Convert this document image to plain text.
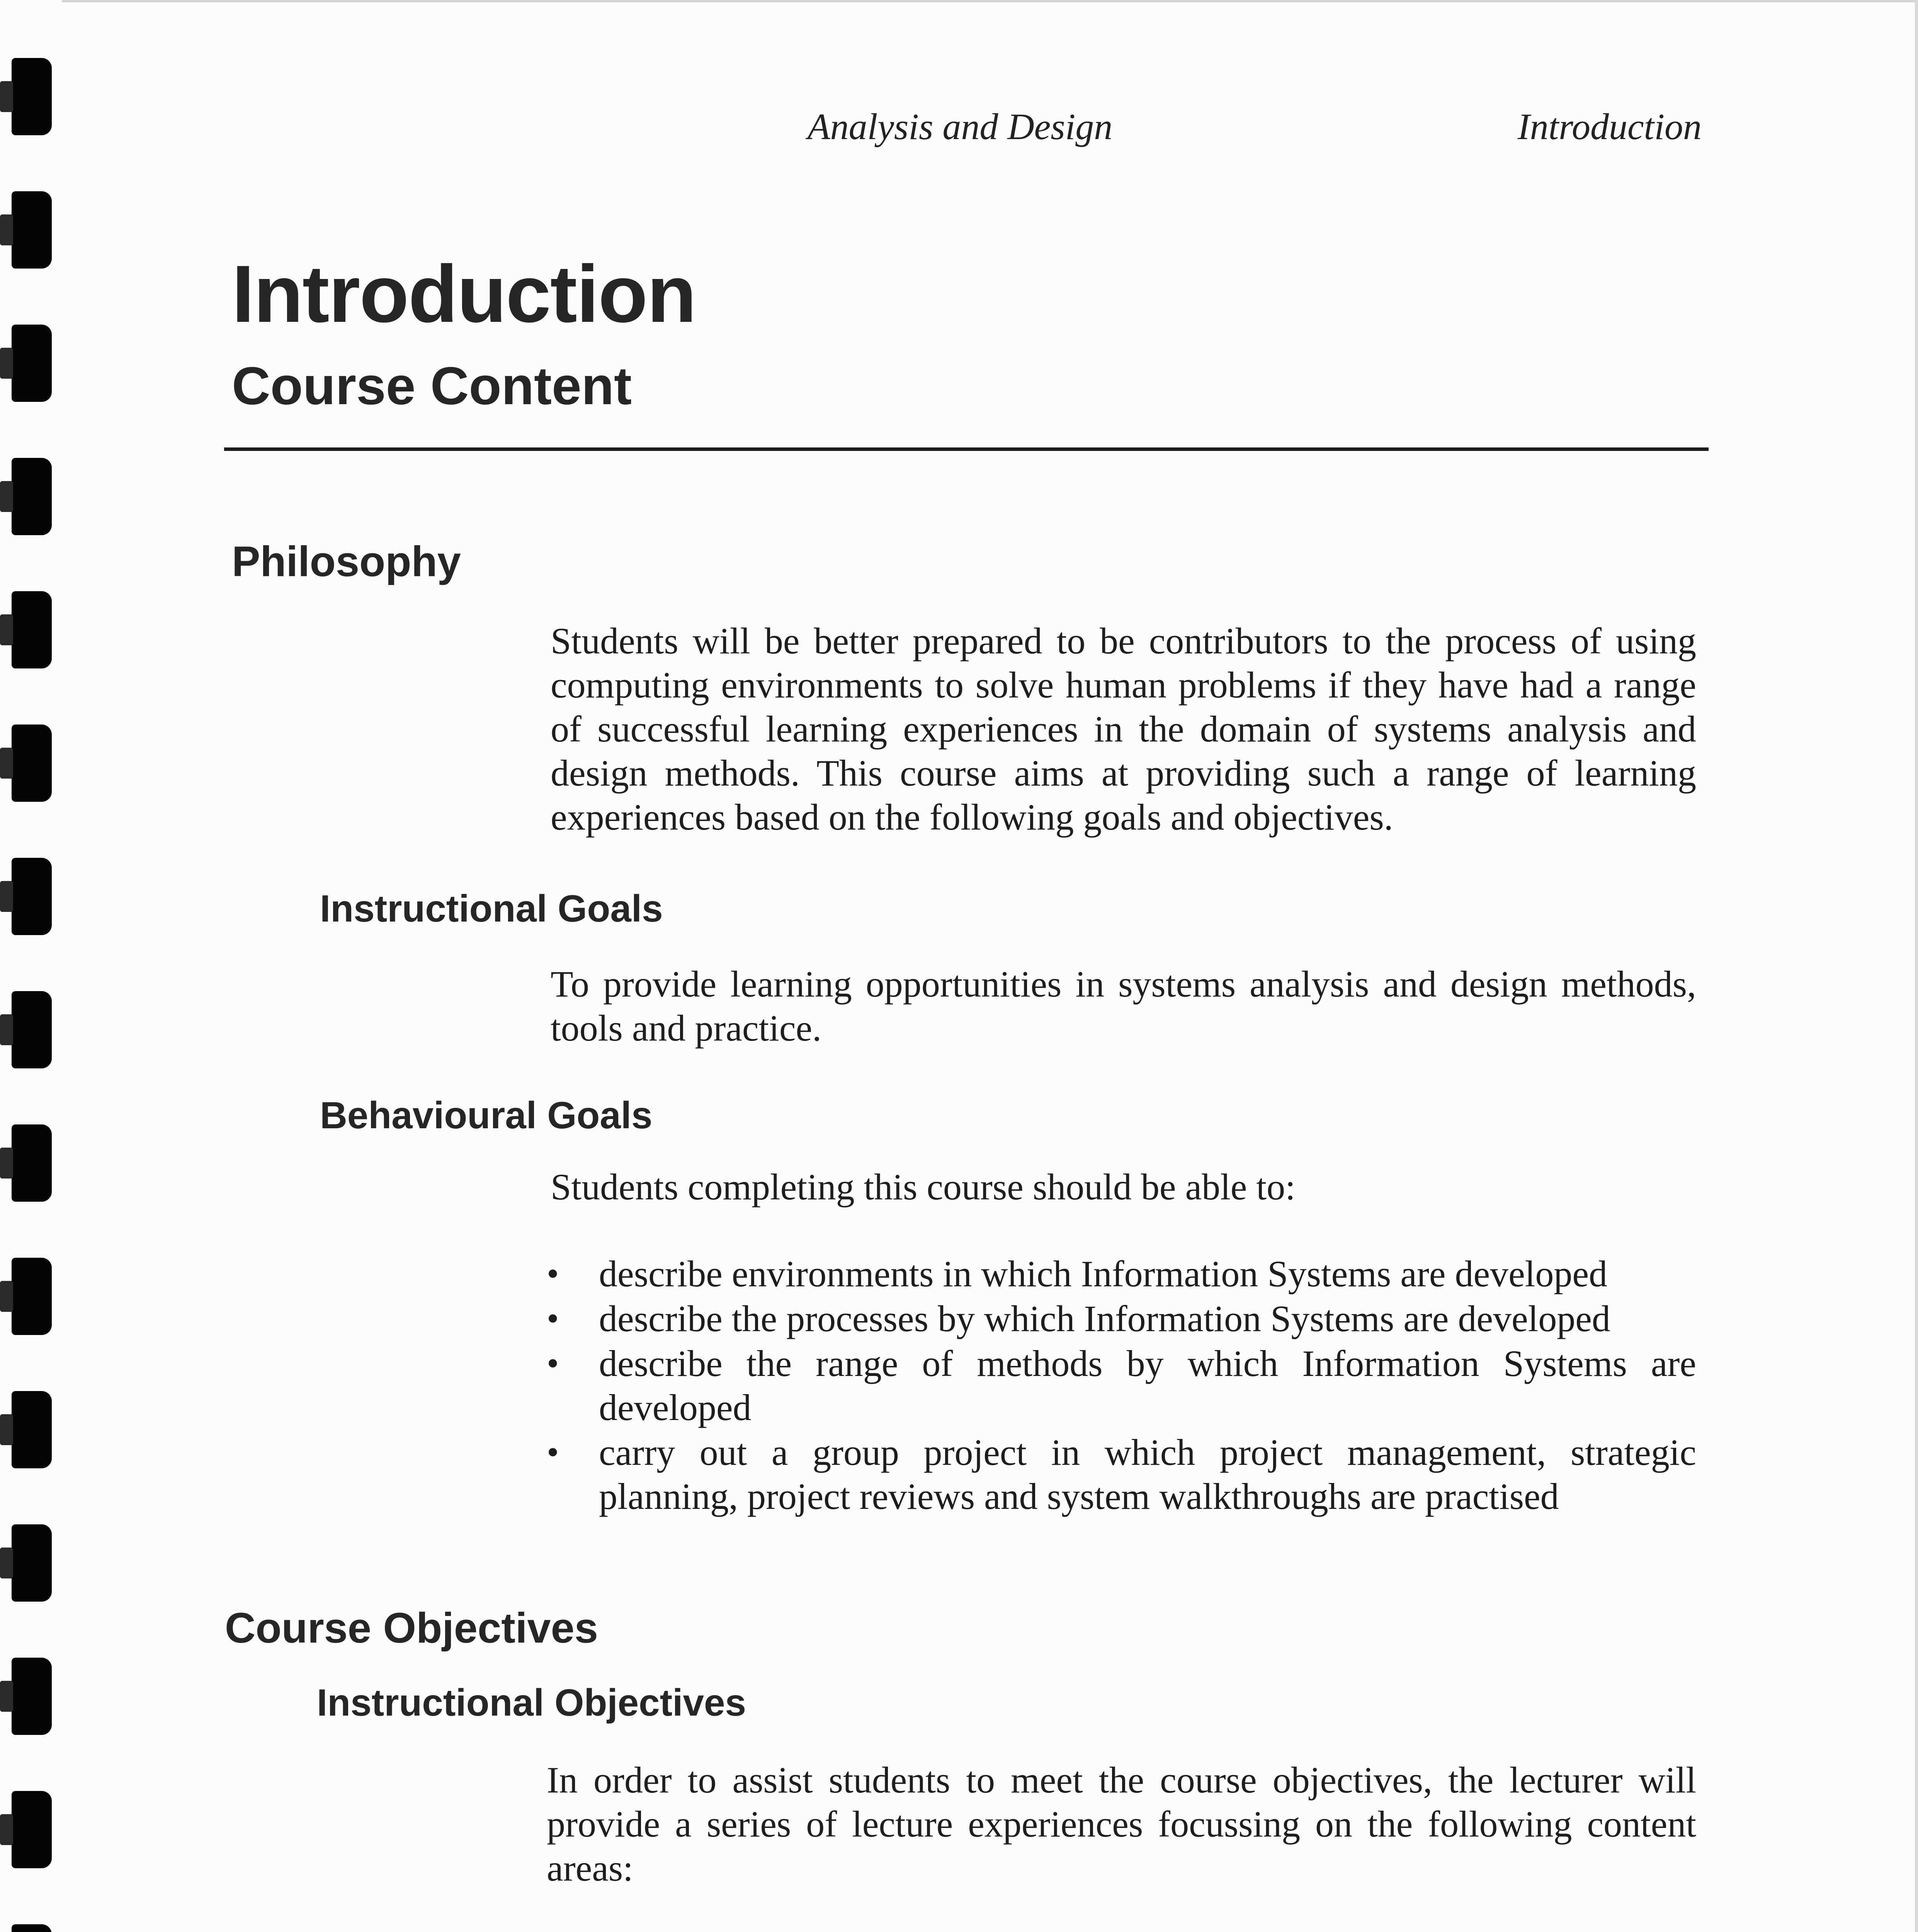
Analysis and Design	Introduction
Introduction
Course Content
Philosophy
Students will be better prepared to be contributors to the process of using computing environments to solve human problems if they have had a range of successful learning experiences in the domain of systems analysis and design methods. This course aims at providing such a range of learning experiences based on the following goals and objectives.
Instructional Goals
To provide learning opportunities in systems analysis and design methods, tools and practice.
Behavioural Goals
Students completing this course should be able to:
• describe environments in which Information Systems are developed
• describe the processes by which Information Systems are developed
• describe the range of methods by which Information Systems are developed
• carry out a group project in which project management, strategic planning, project reviews and system walkthroughs are practised
Course Objectives
Instructional Objectives
In order to assist students to meet the course objectives, the lecturer will provide a series of lecture experiences focussing on the following content areas:
